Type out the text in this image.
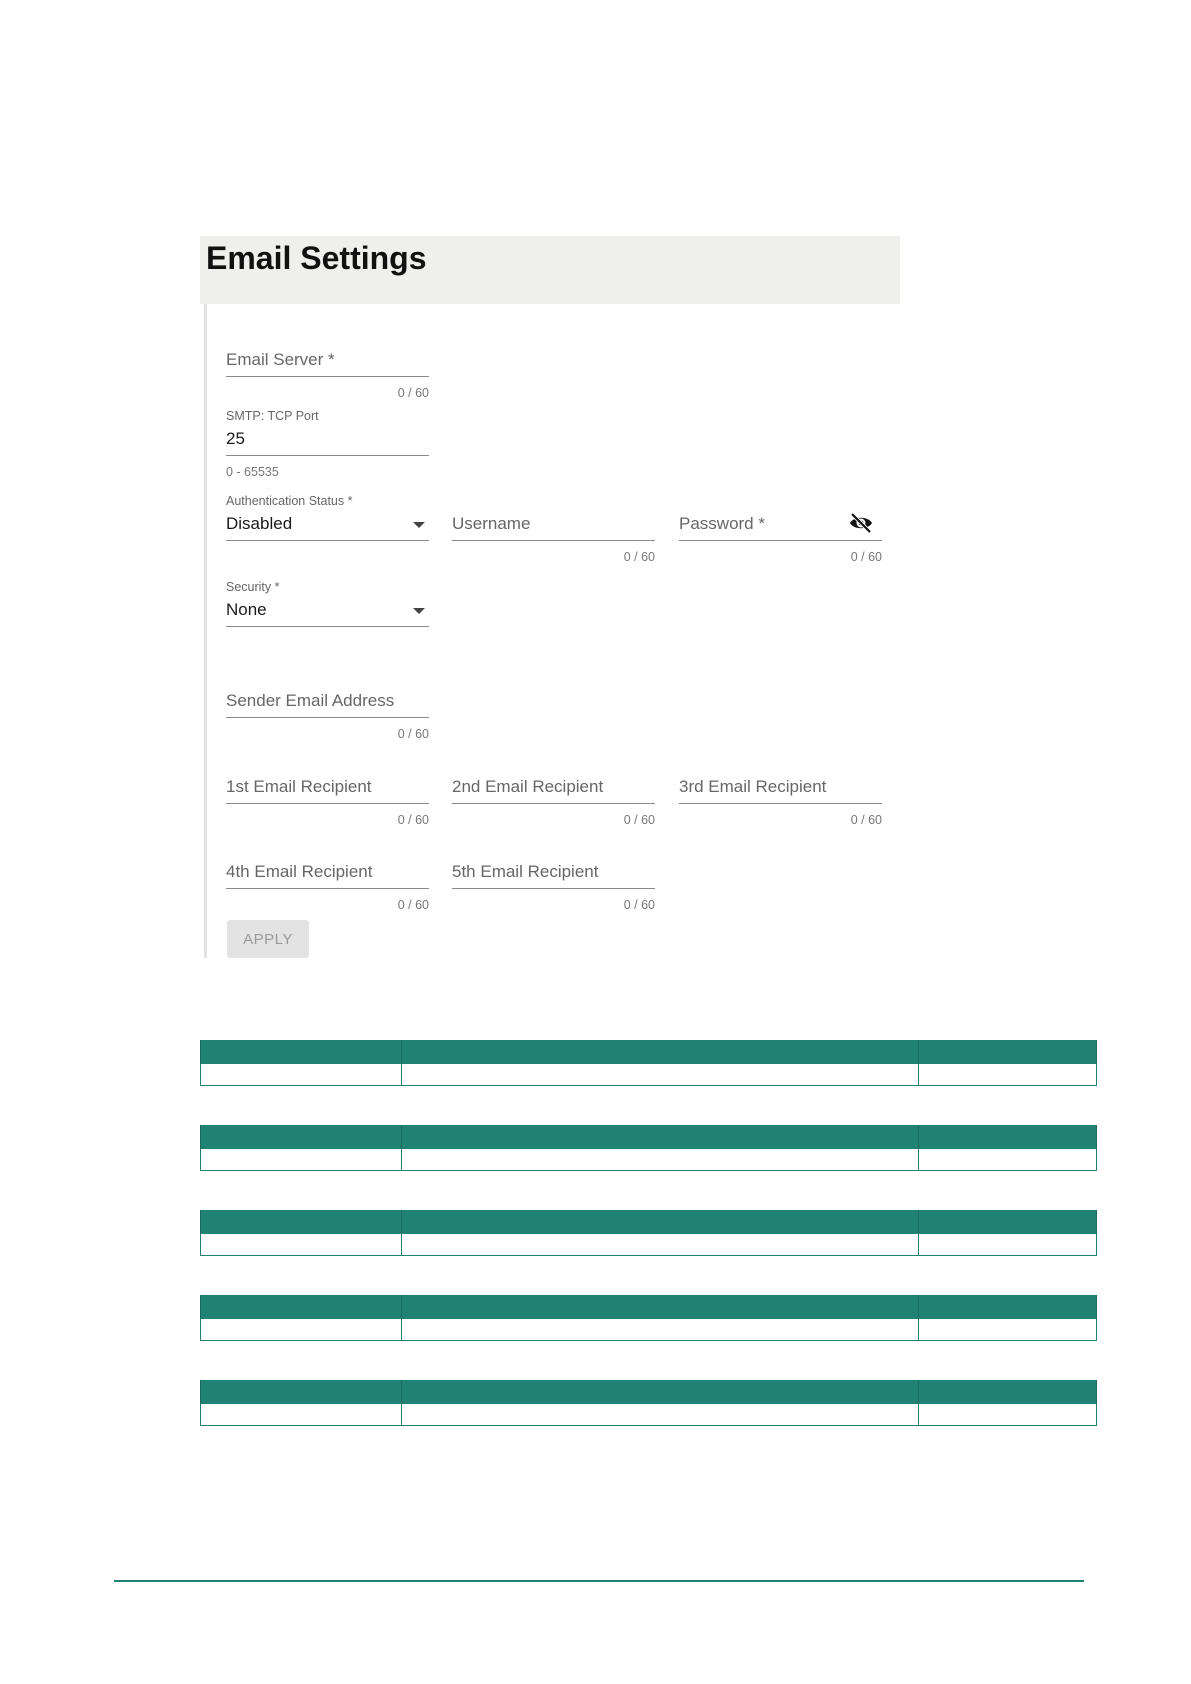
Email Settings
Email Server *
0 / 60
SMTP: TCP Port
25
0 - 65535
Authentication Status *
Disabled	Username
0 / 60
Password *
0 / 60
Security *
None
Sender Email Address
0 / 60
1st Email Recipient
0 / 60
2nd Email Recipient
0 / 60
3rd Email Recipient
0 / 60
4th Email Recipient
0 / 60
5th Email Recipient
0 / 60
APPLY
